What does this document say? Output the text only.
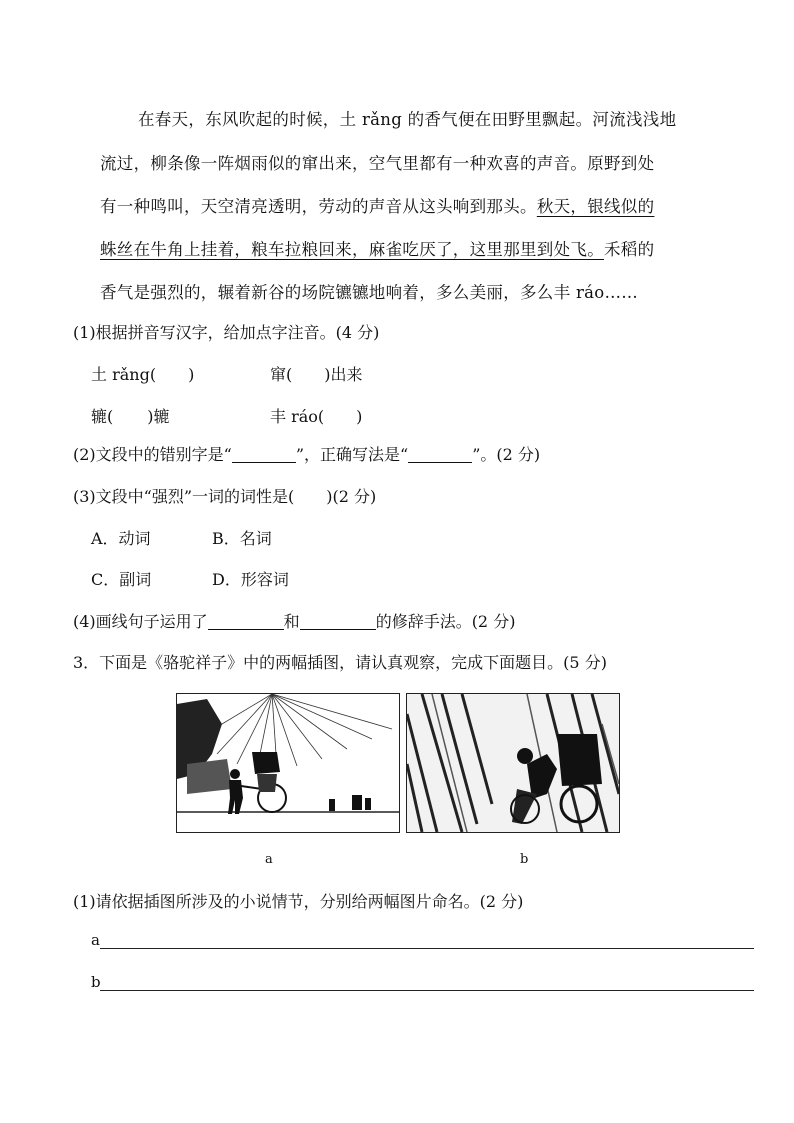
在春天，东风吹起的时候，土 rǎng 的香气便在田野里飘起。河流浅浅地
流过，柳条像一阵烟雨似的窜出来，空气里都有一种欢喜的声音。原野到处
有一种鸣叫，天空清亮透明，劳动的声音从这头响到那头。秋天，银线似的
蛛丝在牛角上挂着，粮车拉粮回来，麻雀吃厌了，这里那里到处飞。禾稻的
香气是强烈的，辗着新谷的场院镳镳地响着，多么美丽，多么丰 ráo……
(1)根据拼音写汉字，给加点字注音。(4 分)
土 rǎng(　　)	窜(　　)出来
辘( )辘	丰 ráo(　　)
(2)文段中的错别字是“	”，正确写法是“	”。(2 分)
(3)文段中“强烈”一词的词性是(　　)(2 分)
A．动词	B．名词
C．副词	D．形容词
(4)画线句子运用了	和	的修辞手法。(2 分)
3．下面是《骆驼祥子》中的两幅插图，请认真观察，完成下面题目。(5 分)
a	b
(1)请依据插图所涉及的小说情节，分别给两幅图片命名。(2 分)
a
b
